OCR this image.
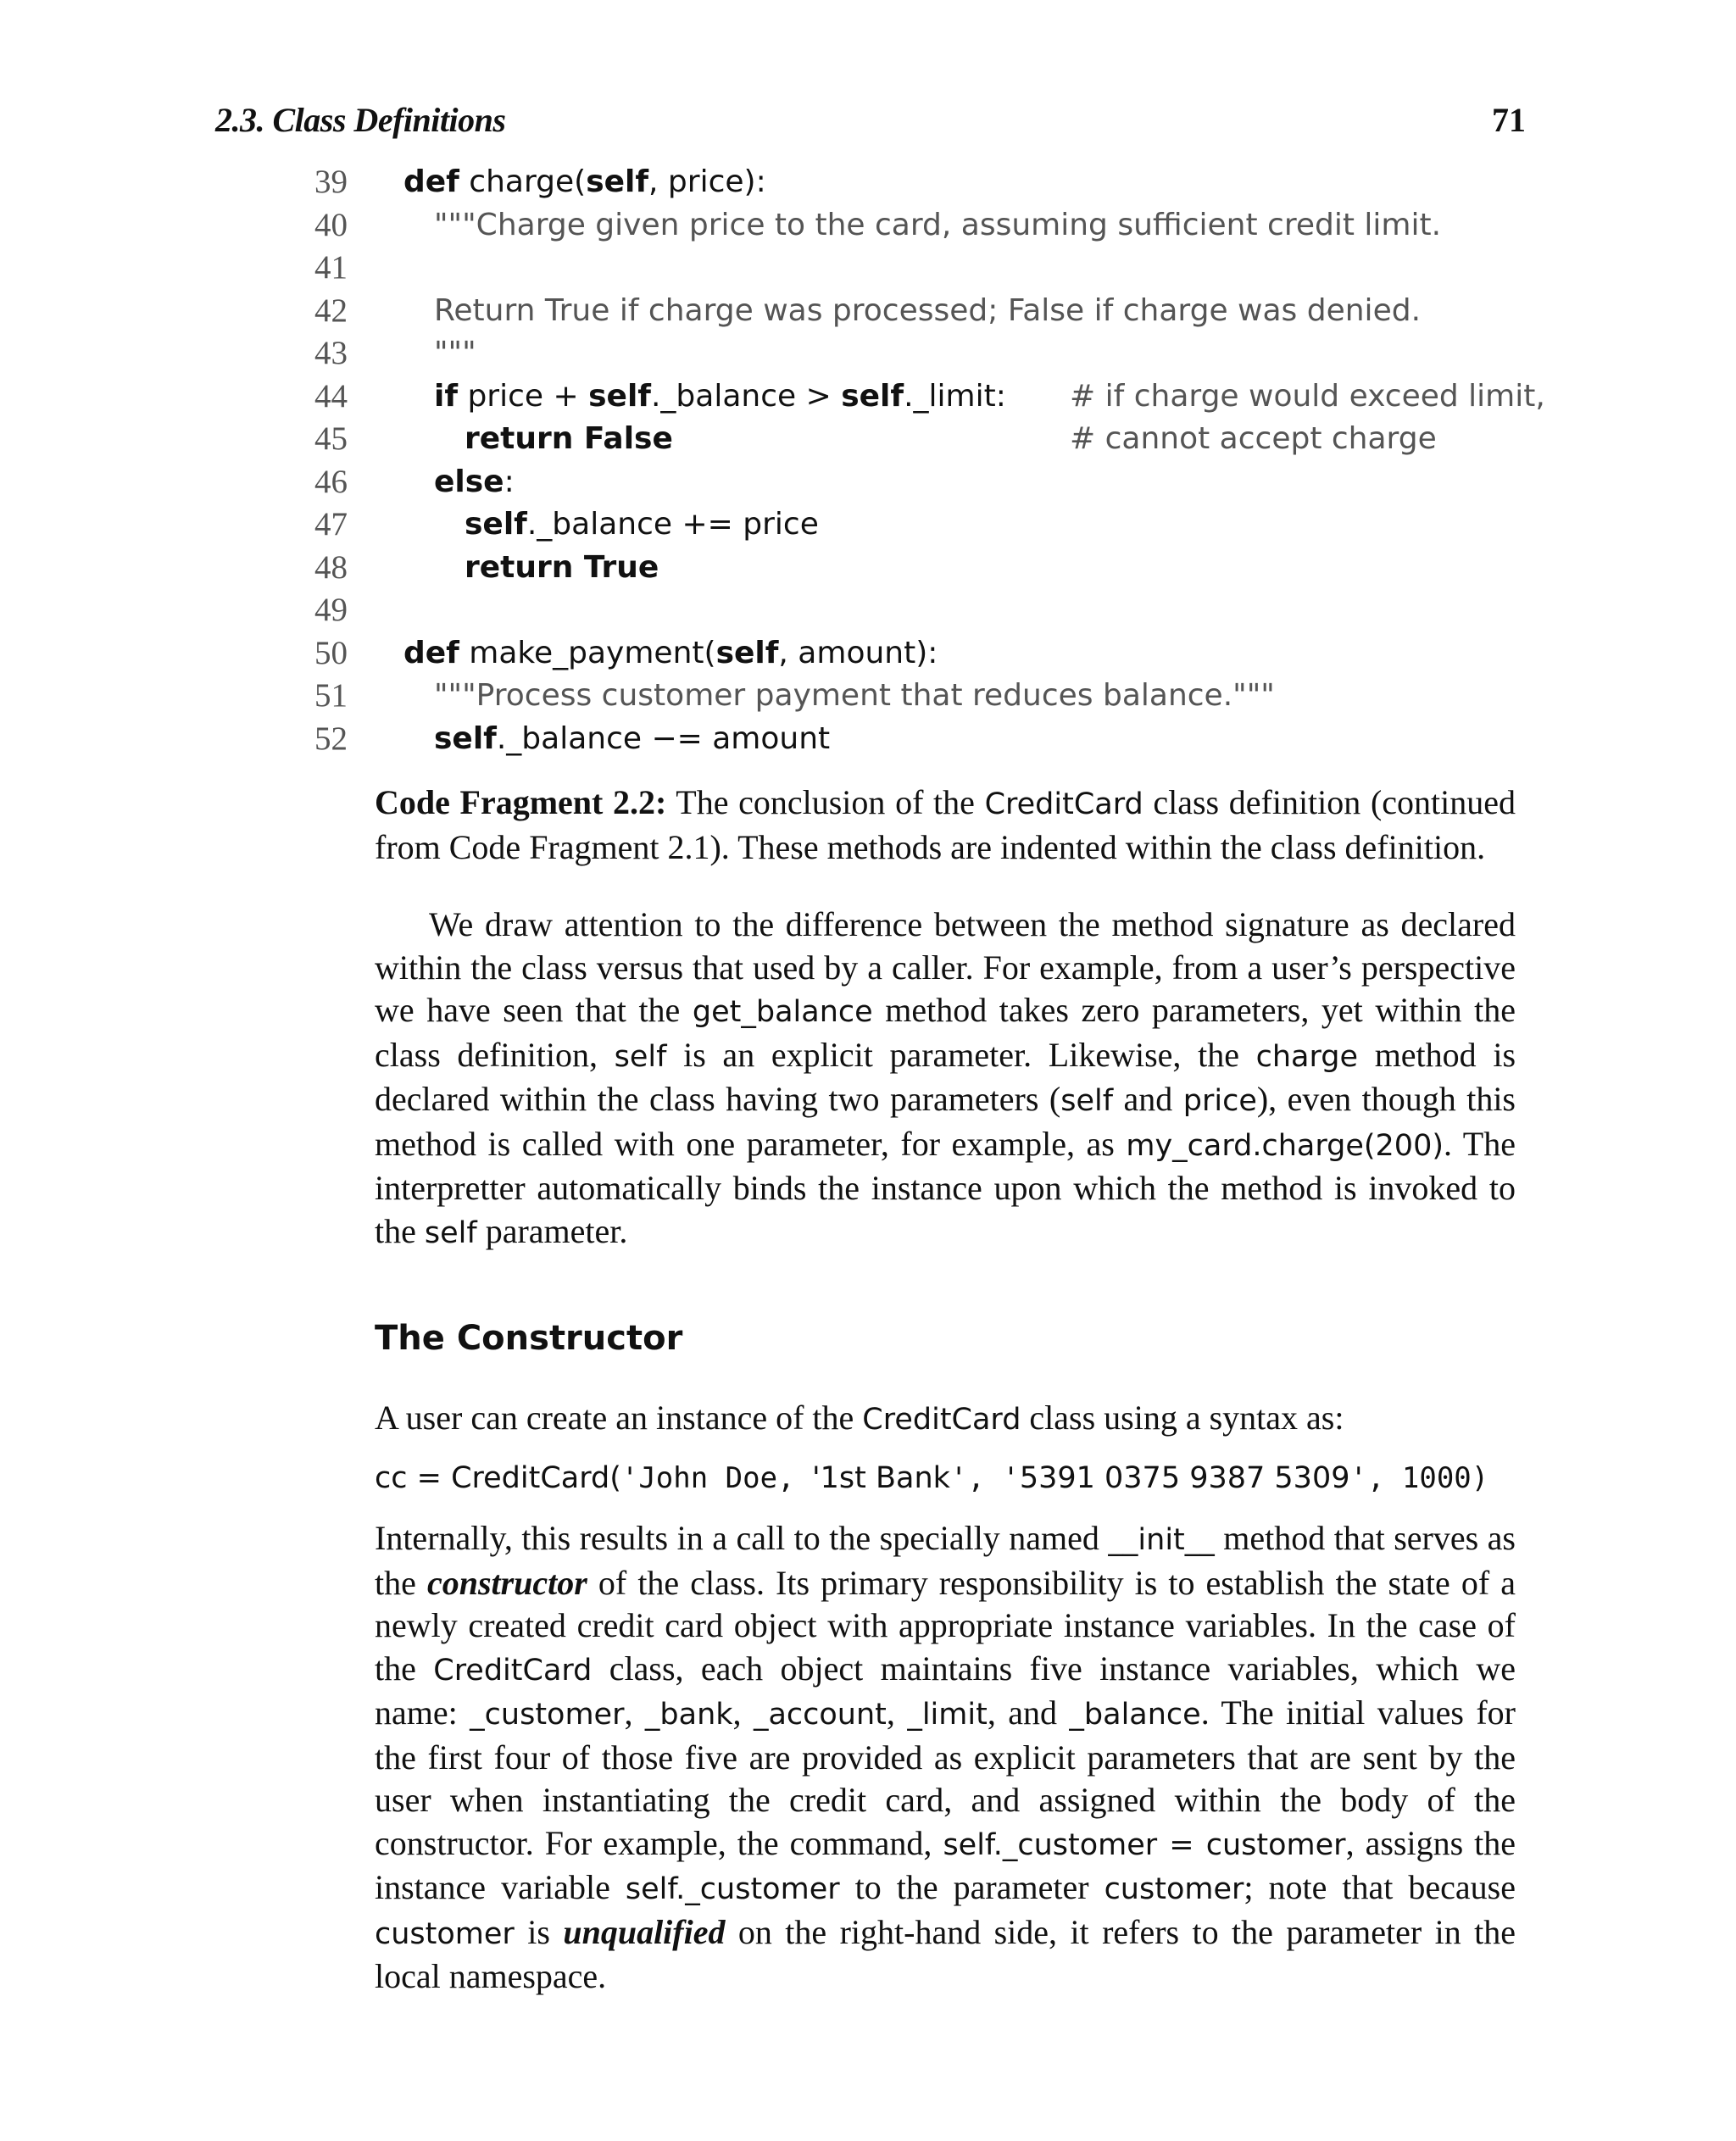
2.3. Class Definitions	71
39 def charge(self, price):
40	"""Charge given price to the card, assuming sufficient credit limit.
41
42	Return True if charge was processed; False if charge was denied.
43	"""
44	if price + self._balance > self._limit: # if charge would exceed limit,
45	return False	# cannot accept charge
46	else:
47	self._balance += price
48	return True
49
50 def make_payment(self, amount):
51	"""Process customer payment that reduces balance."""
52	self._balance −= amount
Code Fragment 2.2: The conclusion of the CreditCard class definition (continued from Code Fragment 2.1). These methods are indented within the class definition.
We draw attention to the difference between the method signature as declared within the class versus that used by a caller. For example, from a user’s perspective we have seen that the get_balance method takes zero parameters, yet within the class definition, self is an explicit parameter. Likewise, the charge method is declared within the class having two parameters (self and price), even though this method is called with one parameter, for example, as my_card.charge(200). The interpretter automatically binds the instance upon which the method is invoked to the self parameter.
The Constructor
A user can create an instance of the CreditCard class using a syntax as:
cc = CreditCard('John Doe, '1st Bank', '5391 0375 9387 5309', 1000)
Internally, this results in a call to the specially named __init__ method that serves as the constructor of the class. Its primary responsibility is to establish the state of a newly created credit card object with appropriate instance variables. In the case of the CreditCard class, each object maintains five instance variables, which we name: _customer, _bank, _account, _limit, and _balance. The initial values for the first four of those five are provided as explicit parameters that are sent by the user when instantiating the credit card, and assigned within the body of the constructor. For example, the command, self._customer = customer, assigns the instance variable self._customer to the parameter customer; note that because customer is unqualified on the right-hand side, it refers to the parameter in the local namespace.
